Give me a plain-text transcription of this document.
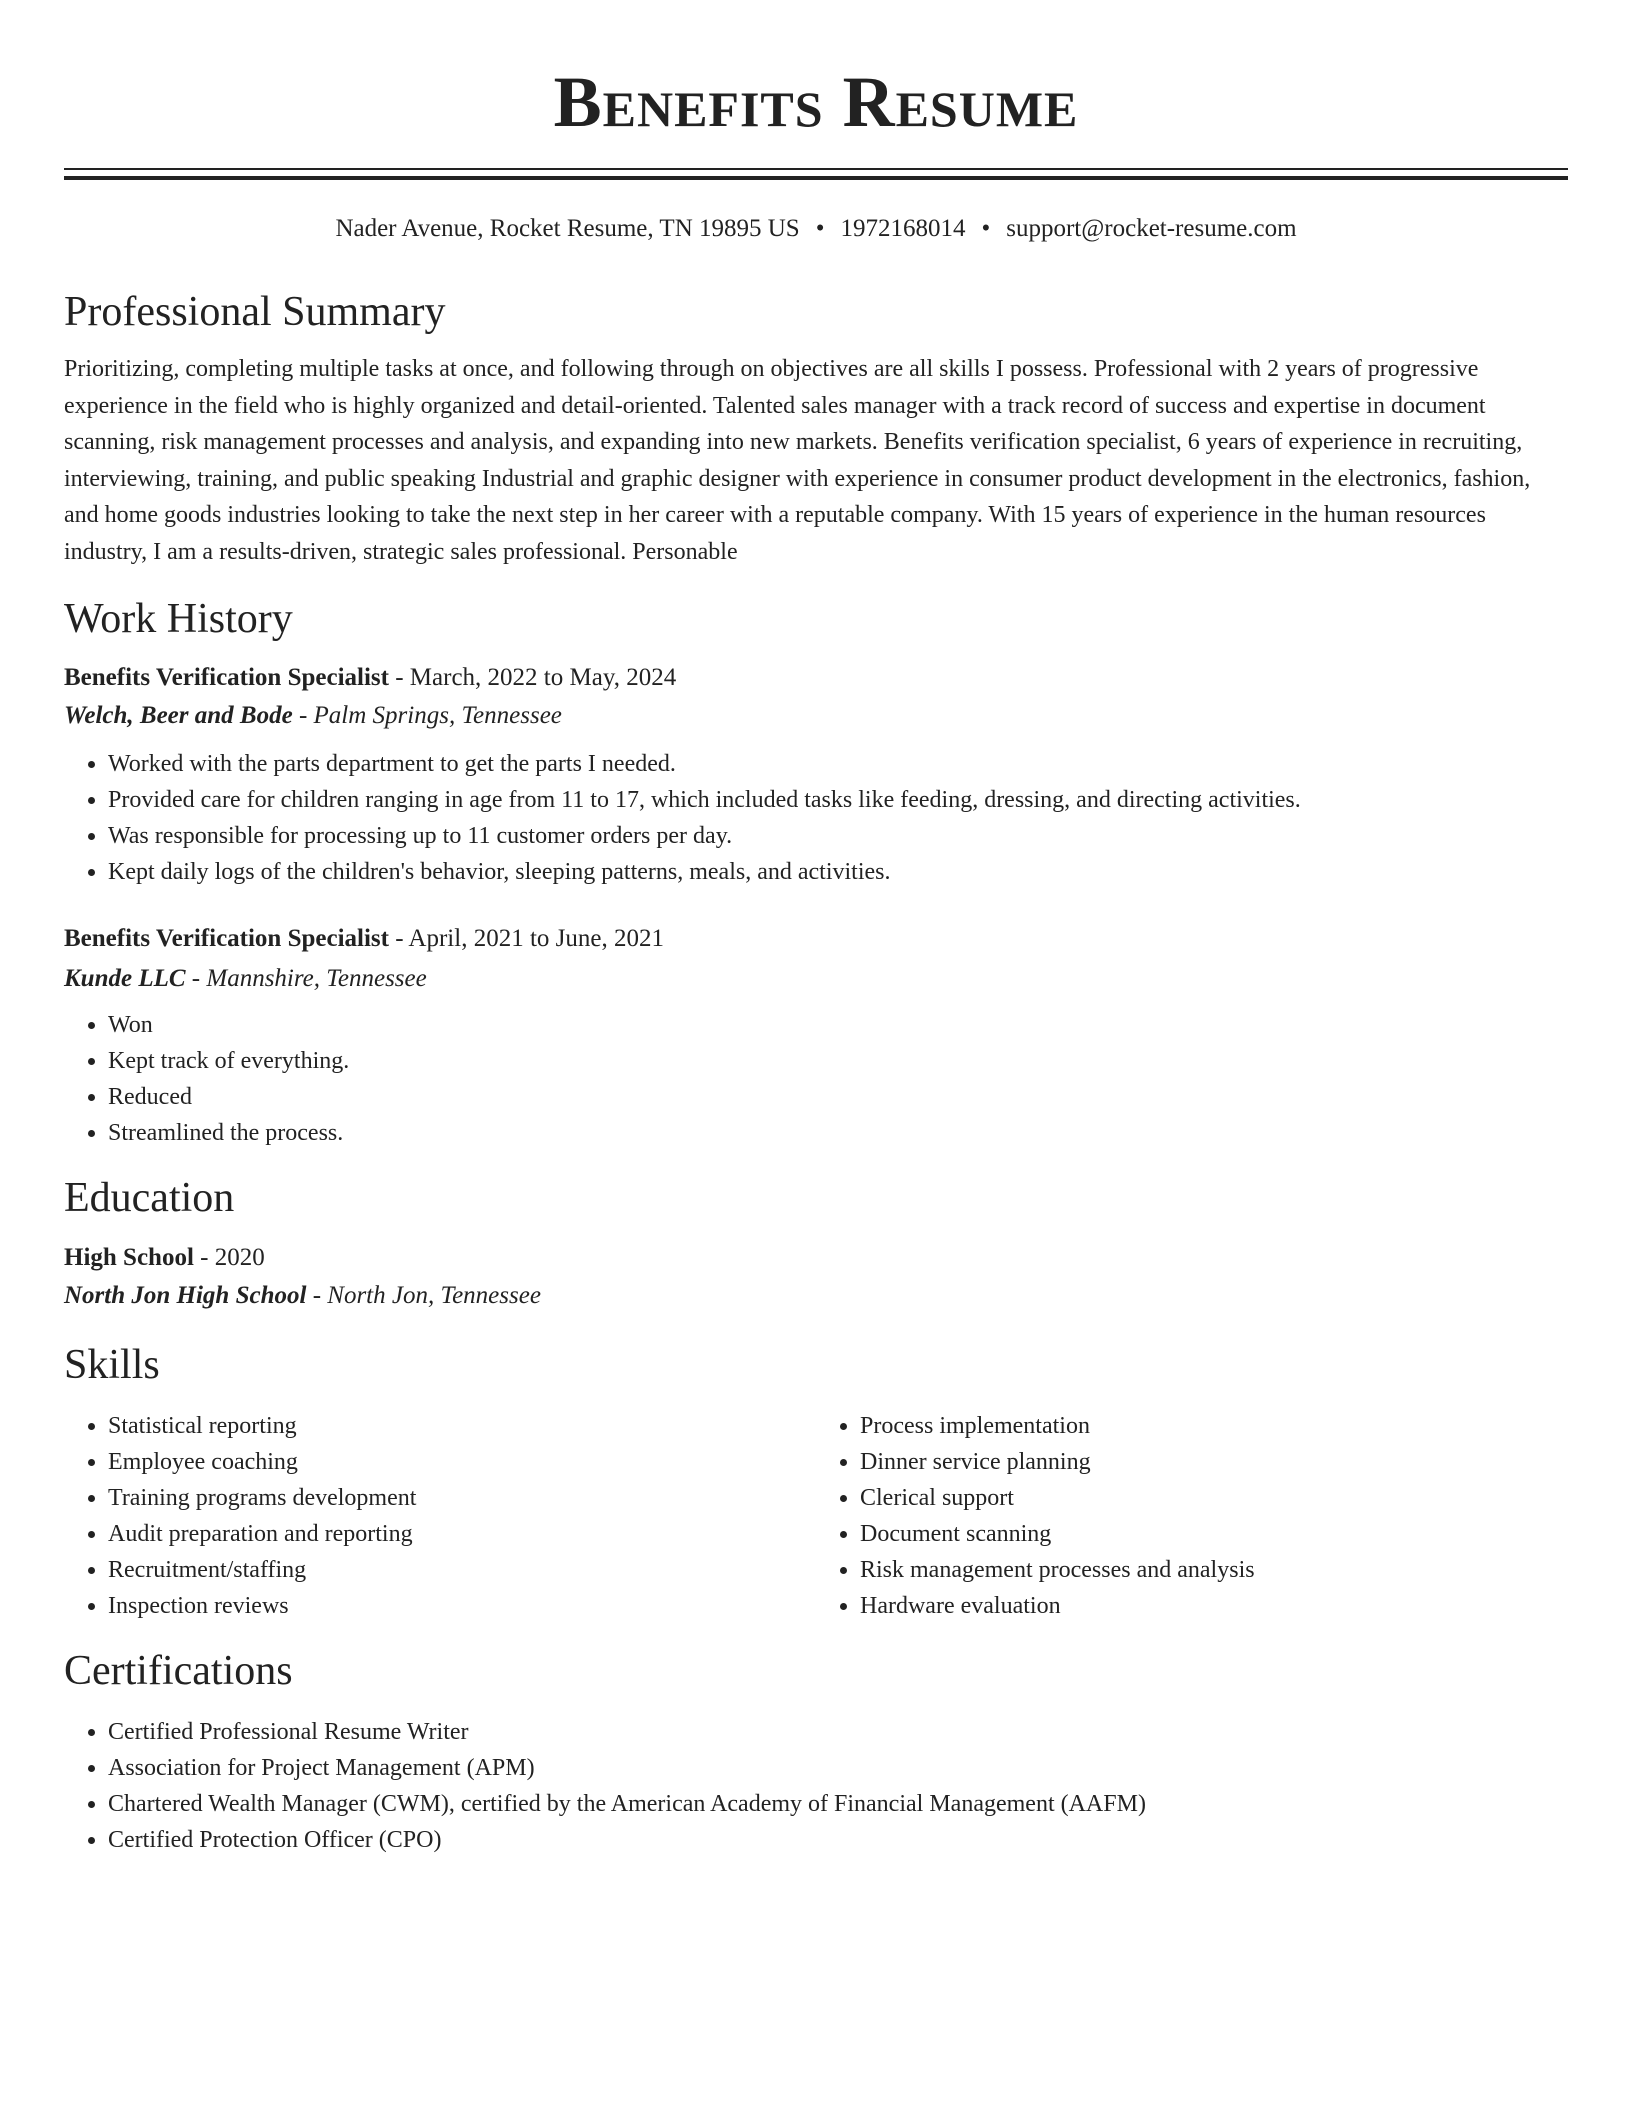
Benefits Resume
Nader Avenue, Rocket Resume, TN 19895 US • 1972168014 • support@rocket-resume.com
Professional Summary

Prioritizing, completing multiple tasks at once, and following through on objectives are all skills I possess. Professional with 2 years of progressive experience in the field who is highly organized and detail-oriented. Talented sales manager with a track record of success and expertise in document scanning, risk management processes and analysis, and expanding into new markets. Benefits verification specialist, 6 years of experience in recruiting, interviewing, training, and public speaking Industrial and graphic designer with experience in consumer product development in the electronics, fashion, and home goods industries looking to take the next step in her career with a reputable company. With 15 years of experience in the human resources industry, I am a results-driven, strategic sales professional. Personable

Work History
Benefits Verification Specialist - March, 2022 to May, 2024
Welch, Beer and Bode - Palm Springs, Tennessee
• Worked with the parts department to get the parts I needed.
• Provided care for children ranging in age from 11 to 17, which included tasks like feeding, dressing, and directing activities.
• Was responsible for processing up to 11 customer orders per day.
• Kept daily logs of the children's behavior, sleeping patterns, meals, and activities.
Benefits Verification Specialist - April, 2021 to June, 2021
Kunde LLC - Mannshire, Tennessee
• Won
• Kept track of everything.
• Reduced
• Streamlined the process.
Education
High School - 2020
North Jon High School - North Jon, Tennessee
Skills
• Statistical reporting
• Employee coaching
• Training programs development
• Audit preparation and reporting
• Recruitment/staffing
• Inspection reviews
• Process implementation
• Dinner service planning
• Clerical support
• Document scanning
• Risk management processes and analysis
• Hardware evaluation
Certifications
• Certified Professional Resume Writer
• Association for Project Management (APM)
• Chartered Wealth Manager (CWM), certified by the American Academy of Financial Management (AAFM)
• Certified Protection Officer (CPO)
